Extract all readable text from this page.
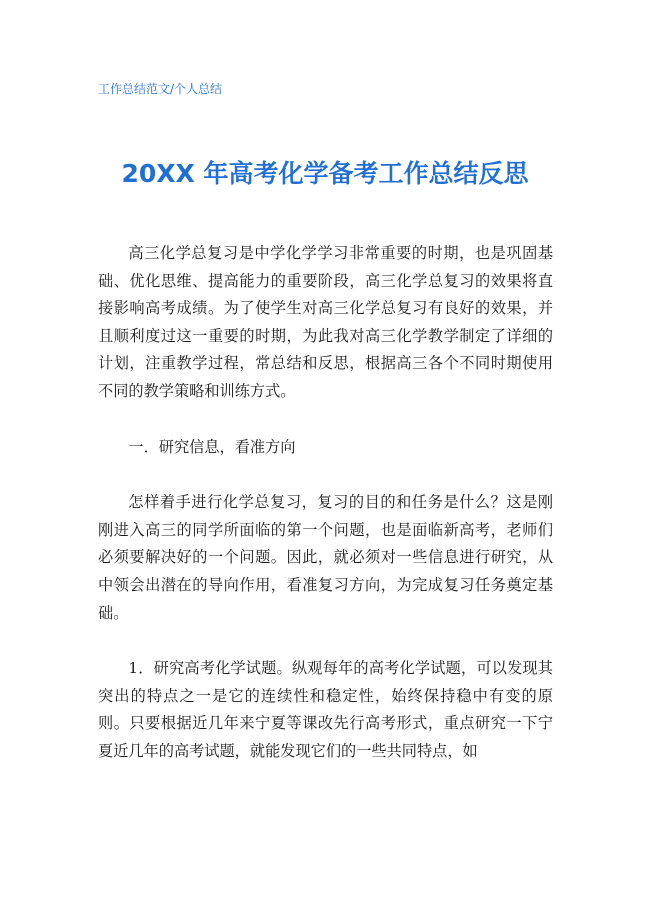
工作总结范文/个人总结
20XX 年高考化学备考工作总结反思

高三化学总复习是中学化学学习非常重要的时期，也是巩固基础、优化思维、提高能力的重要阶段，高三化学总复习的效果将直接影响高考成绩。为了使学生对高三化学总复习有良好的效果，并且顺利度过这一重要的时期，为此我对高三化学教学制定了详细的计划，注重教学过程，常总结和反思，根据高三各个不同时期使用不同的教学策略和训练方式。

一．研究信息，看准方向

怎样着手进行化学总复习，复习的目的和任务是什么？这是刚刚进入高三的同学所面临的第一个问题，也是面临新高考，老师们必须要解决好的一个问题。因此，就必须对一些信息进行研究，从中领会出潜在的导向作用，看准复习方向，为完成复习任务奠定基础。

1．研究高考化学试题。纵观每年的高考化学试题，可以发现其突出的特点之一是它的连续性和稳定性，始终保持稳中有变的原则。只要根据近几年来宁夏等课改先行高考形式，重点研究一下宁夏近几年的高考试题，就能发现它们的一些共同特点，如
